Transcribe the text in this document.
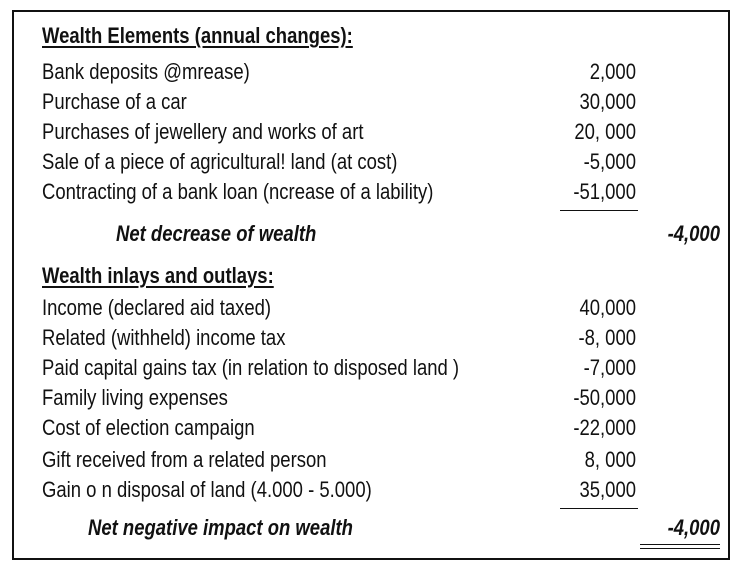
Wealth Elements (annual changes):
Bank deposits @mrease)	2,000
Purchase of a car	30,000
Purchases of jewellery and works of art	20, 000
Sale of a piece of agricultural! land (at cost)	-5,000
Contracting of a bank loan (ncrease of a lability)	-51,000
Net decrease of wealth	-4,000
Wealth inlays and outlays:
Income (declared aid taxed)	40,000
Related (withheld) income tax	-8, 000
Paid capital gains tax (in relation to disposed land )	-7,000
Family living expenses	-50,000
Cost of election campaign	-22,000
Gift received from a related person	8, 000
Gain o n disposal of land (4.000 - 5.000)	35,000
Net negative impact on wealth	-4,000
